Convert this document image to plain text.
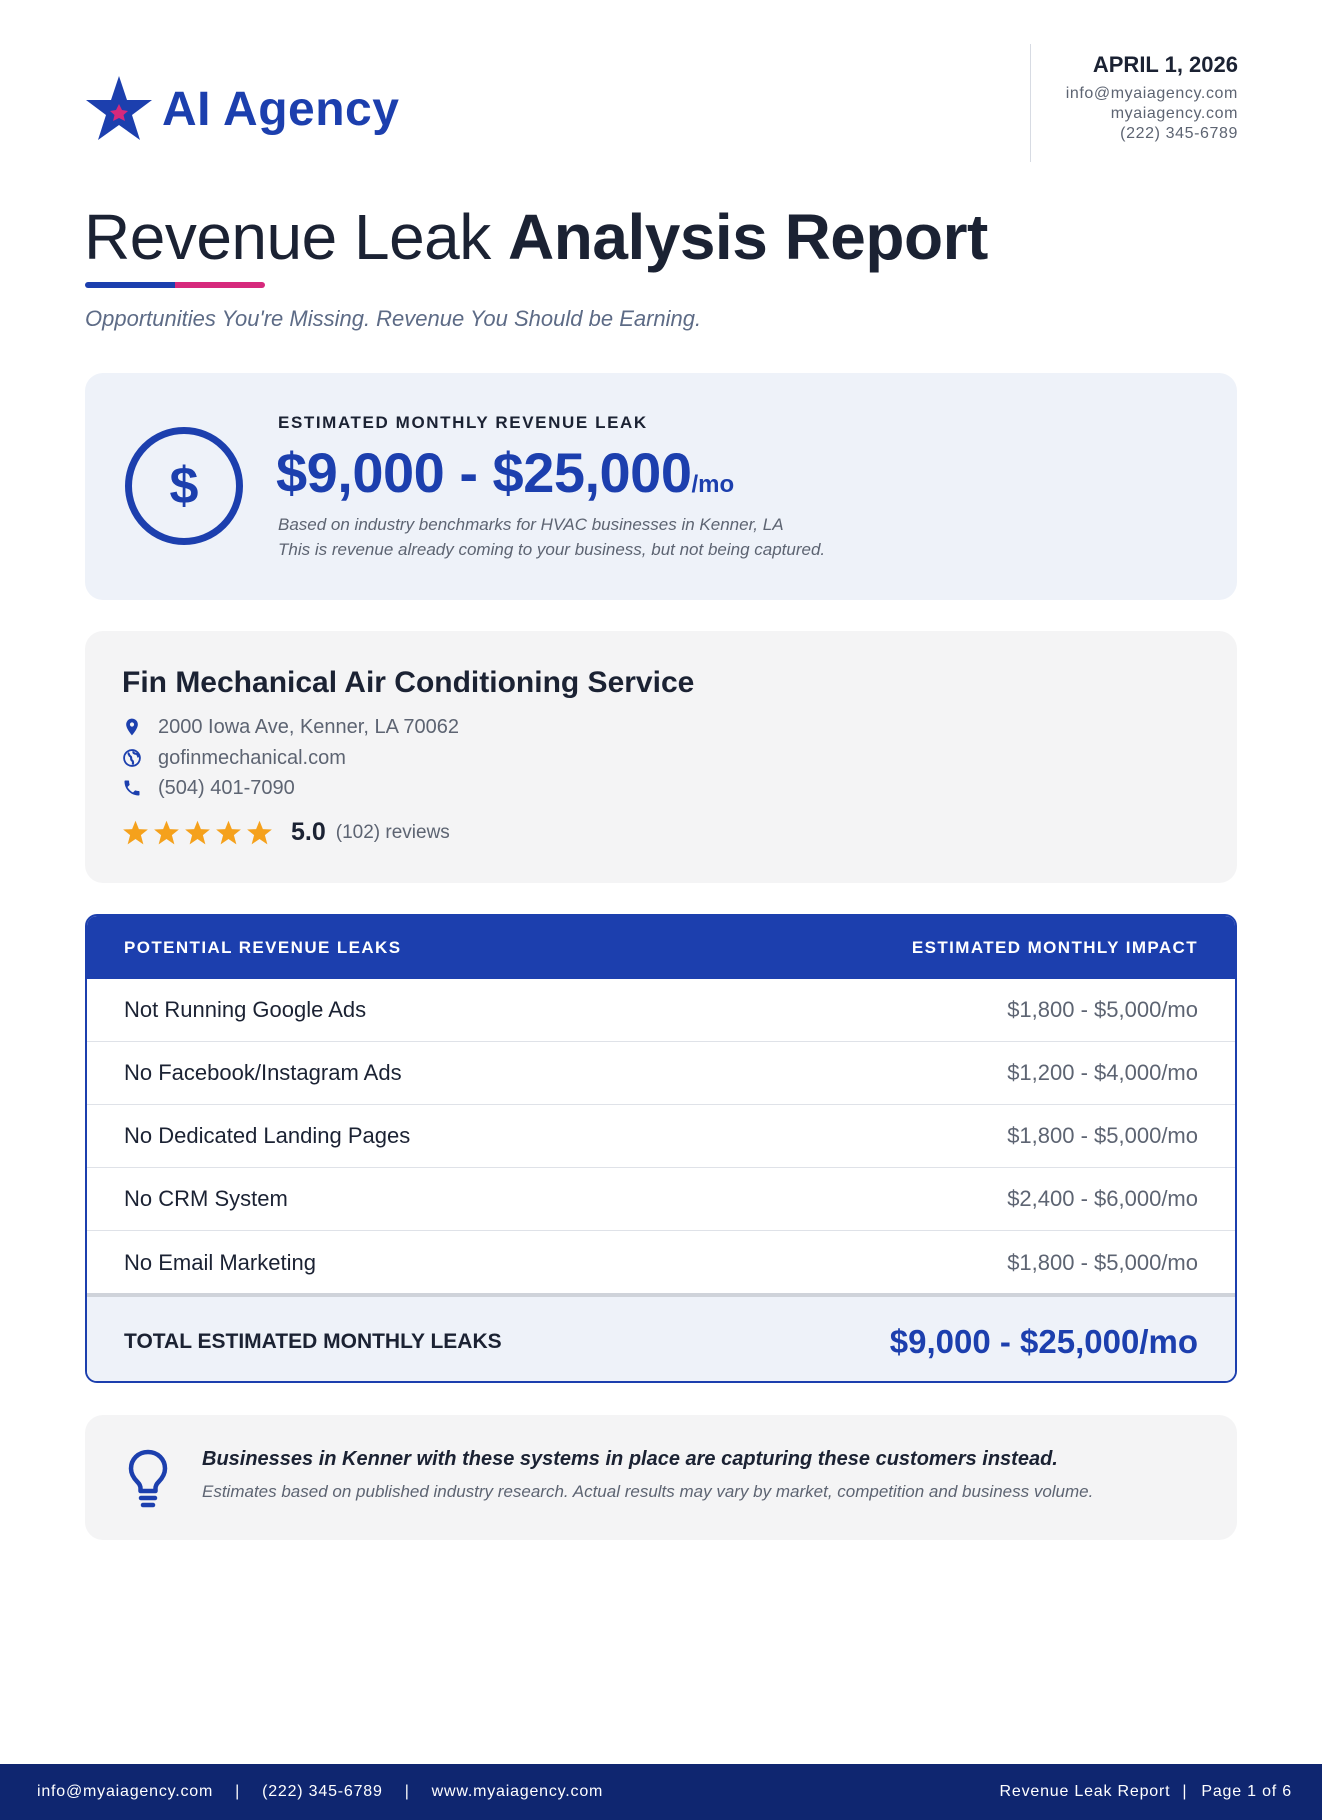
AI Agency
APRIL 1, 2026
info@myaiagency.com
myaiagency.com
(222) 345-6789
Revenue Leak Analysis Report
Opportunities You're Missing. Revenue You Should be Earning.
$
ESTIMATED MONTHLY REVENUE LEAK
$9,000 - $25,000/mo
Based on industry benchmarks for HVAC businesses in Kenner, LA
This is revenue already coming to your business, but not being captured.
Fin Mechanical Air Conditioning Service
2000 Iowa Ave, Kenner, LA 70062
gofinmechanical.com
(504) 401-7090
5.0 (102) reviews
POTENTIAL REVENUE LEAKS	ESTIMATED MONTHLY IMPACT
Not Running Google Ads	$1,800 - $5,000/mo
No Facebook/Instagram Ads	$1,200 - $4,000/mo
No Dedicated Landing Pages	$1,800 - $5,000/mo
No CRM System	$2,400 - $6,000/mo
No Email Marketing	$1,800 - $5,000/mo
TOTAL ESTIMATED MONTHLY LEAKS	$9,000 - $25,000/mo
Businesses in Kenner with these systems in place are capturing these customers instead.
Estimates based on published industry research. Actual results may vary by market, competition and business volume.
info@myaiagency.com | (222) 345-6789 | www.myaiagency.com	Revenue Leak Report | Page 1 of 6
